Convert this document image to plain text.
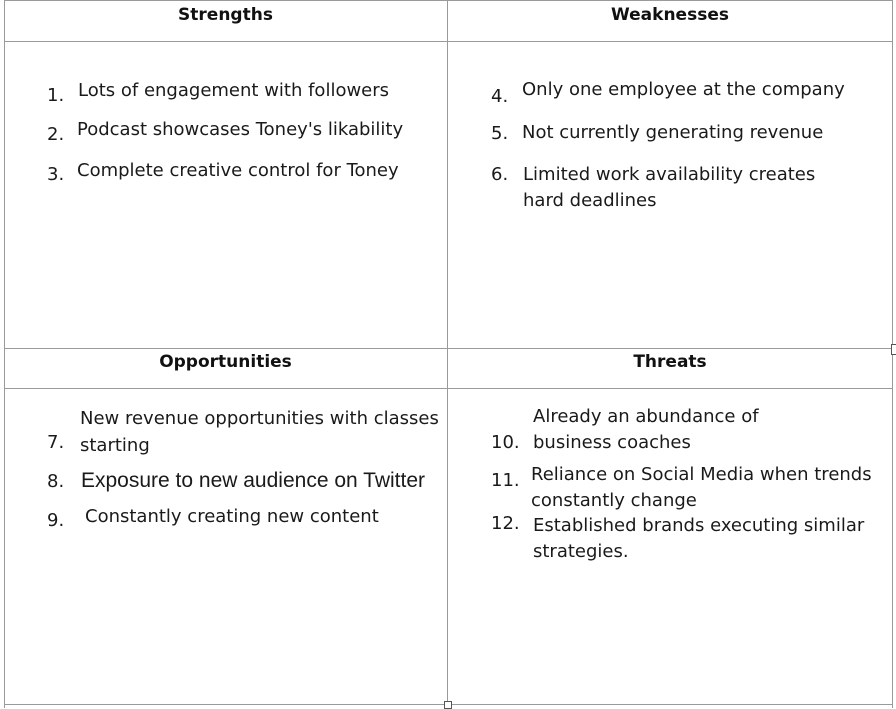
Strengths	Weaknesses
Opportunities	Threats
1. Lots of engagement with followers
2. Podcast showcases Toney's likability
3. Complete creative control for Toney
4. Only one employee at the company
5. Not currently generating revenue
6. Limited work availability creates
hard deadlines
7.
New revenue opportunities with classes
starting
8. Exposure to new audience on Twitter
9. Constantly creating new content
10.
Already an abundance of
business coaches
11. Reliance on Social Media when trends
constantly change
12. Established brands executing similar
strategies.
